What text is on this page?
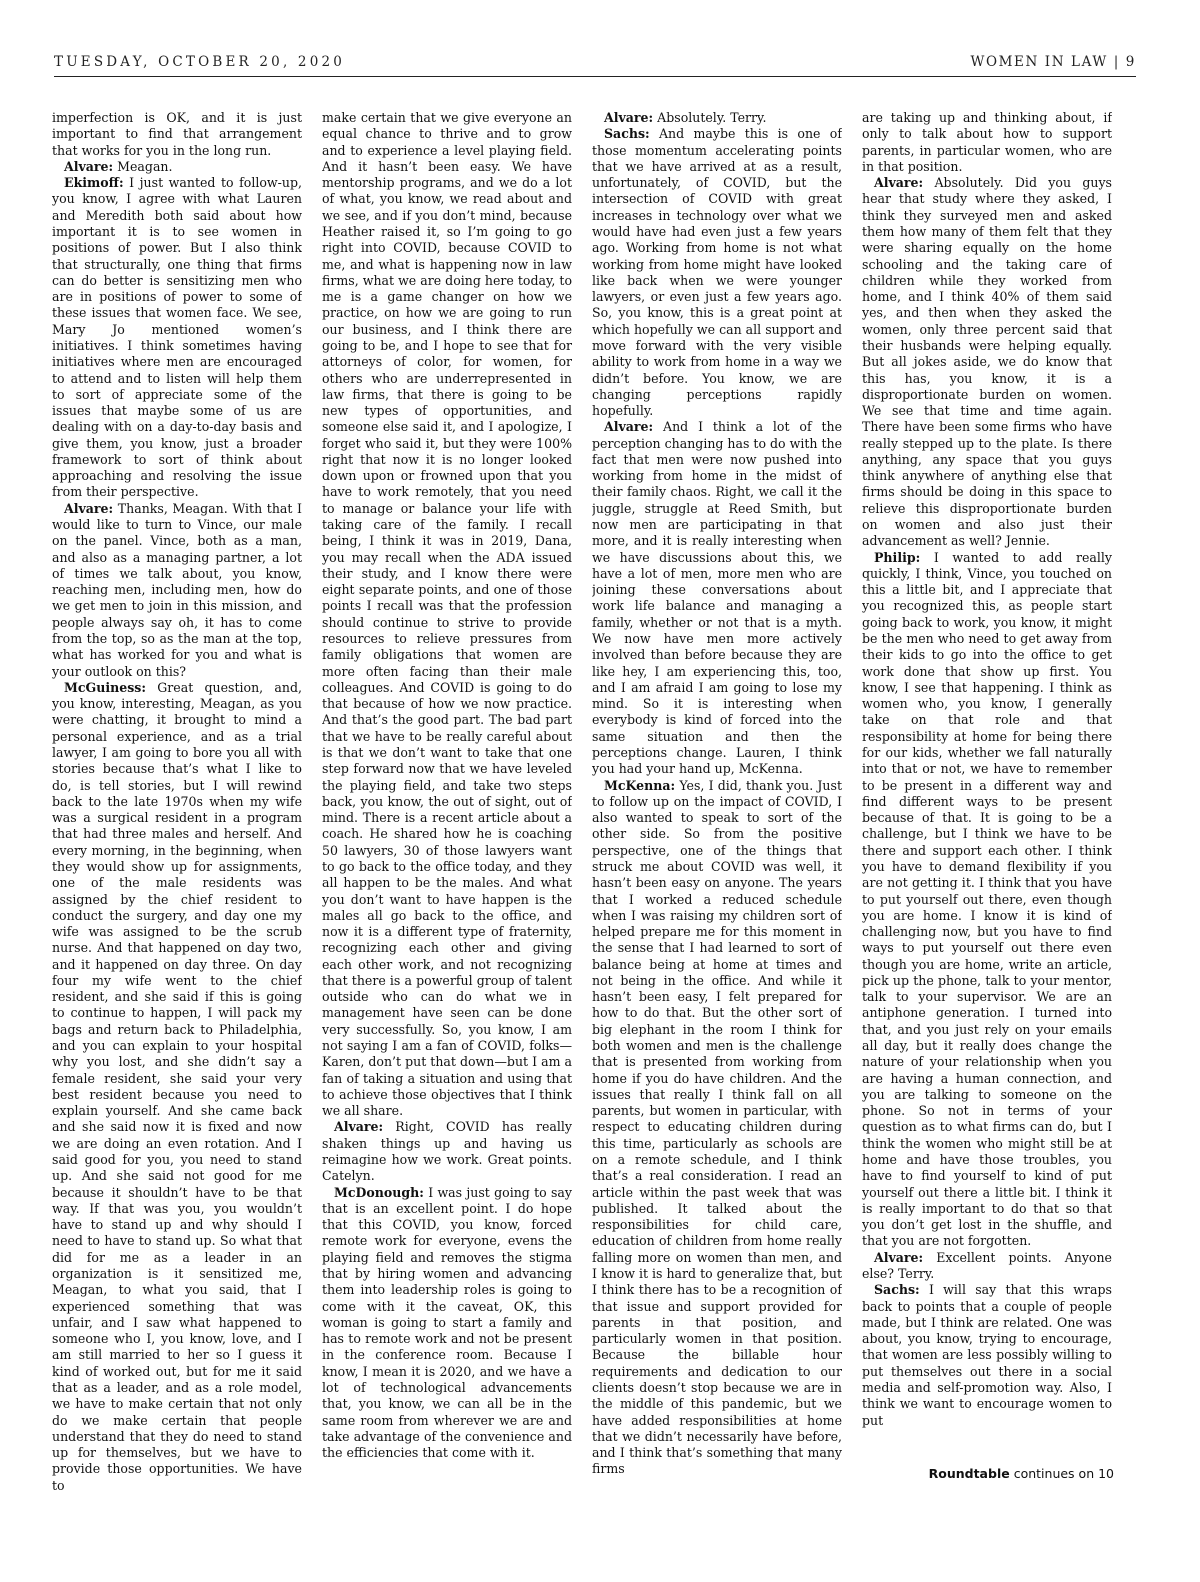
TUESDAY, OCTOBER 20, 2020	WOMEN IN LAW | 9

imperfection is OK, and it is just important to find that arrangement that works for you in the long run.

Alvare: Meagan.

Ekimoff: I just wanted to follow-up, you know, I agree with what Lauren and Meredith both said about how important it is to see women in positions of power. But I also think that structurally, one thing that firms can do better is sensitizing men who are in positions of power to some of these issues that women face. We see, Mary Jo mentioned women’s initiatives. I think sometimes having initiatives where men are encouraged to attend and to listen will help them to sort of appreciate some of the issues that maybe some of us are dealing with on a day-to-day basis and give them, you know, just a broader framework to sort of think about approaching and resolving the issue from their perspective.

Alvare: Thanks, Meagan. With that I would like to turn to Vince, our male on the panel. Vince, both as a man, and also as a managing partner, a lot of times we talk about, you know, reaching men, including men, how do we get men to join in this mission, and people always say oh, it has to come from the top, so as the man at the top, what has worked for you and what is your outlook on this?

McGuiness: Great question, and, you know, interesting, Meagan, as you were chatting, it brought to mind a personal experience, and as a trial lawyer, I am going to bore you all with stories because that’s what I like to do, is tell stories, but I will rewind back to the late 1970s when my wife was a surgical resident in a program that had three males and herself. And every morning, in the beginning, when they would show up for assignments, one of the male residents was assigned by the chief resident to conduct the surgery, and day one my wife was assigned to be the scrub nurse. And that happened on day two, and it happened on day three. On day four my wife went to the chief resident, and she said if this is going to continue to happen, I will pack my bags and return back to Philadelphia, and you can explain to your hospital why you lost, and she didn’t say a female resident, she said your very best resident because you need to explain yourself. And she came back and she said now it is fixed and now we are doing an even rotation. And I said good for you, you need to stand up. And she said not good for me because it shouldn’t have to be that way. If that was you, you wouldn’t have to stand up and why should I need to have to stand up. So what that did for me as a leader in an organization is it sensitized me, Meagan, to what you said, that I experienced something that was unfair, and I saw what happened to someone who I, you know, love, and I am still married to her so I guess it kind of worked out, but for me it said that as a leader, and as a role model, we have to make certain that not only do we make certain that people understand that they do need to stand up for themselves, but we have to provide those opportunities. We have to

make certain that we give everyone an equal chance to thrive and to grow and to experience a level playing field. And it hasn’t been easy. We have mentorship programs, and we do a lot of what, you know, we read about and we see, and if you don’t mind, because Heather raised it, so I’m going to go right into COVID, because COVID to me, and what is happening now in law firms, what we are doing here today, to me is a game changer on how we practice, on how we are going to run our business, and I think there are going to be, and I hope to see that for attorneys of color, for women, for others who are underrepresented in law firms, that there is going to be new types of opportunities, and someone else said it, and I apologize, I forget who said it, but they were 100% right that now it is no longer looked down upon or frowned upon that you have to work remotely, that you need to manage or balance your life with taking care of the family. I recall being, I think it was in 2019, Dana, you may recall when the ADA issued their study, and I know there were eight separate points, and one of those points I recall was that the profession should continue to strive to provide resources to relieve pressures from family obligations that women are more often facing than their male colleagues. And COVID is going to do that because of how we now practice. And that’s the good part. The bad part that we have to be really careful about is that we don’t want to take that one step forward now that we have leveled the playing field, and take two steps back, you know, the out of sight, out of mind. There is a recent article about a coach. He shared how he is coaching 50 lawyers, 30 of those lawyers want to go back to the office today, and they all happen to be the males. And what you don’t want to have happen is the males all go back to the office, and now it is a different type of fraternity, recognizing each other and giving each other work, and not recognizing that there is a powerful group of talent outside who can do what we in management have seen can be done very successfully. So, you know, I am not saying I am a fan of COVID, folks—Karen, don’t put that down—but I am a fan of taking a situation and using that to achieve those objectives that I think we all share.

Alvare: Right, COVID has really shaken things up and having us reimagine how we work. Great points. Catelyn.

McDonough: I was just going to say that is an excellent point. I do hope that this COVID, you know, forced remote work for everyone, evens the playing field and removes the stigma that by hiring women and advancing them into leadership roles is going to come with it the caveat, OK, this woman is going to start a family and has to remote work and not be present in the conference room. Because I know, I mean it is 2020, and we have a lot of technological advancements that, you know, we can all be in the same room from wherever we are and take advantage of the convenience and the efficiencies that come with it.

Alvare: Absolutely. Terry.

Sachs: And maybe this is one of those momentum accelerating points that we have arrived at as a result, unfortunately, of COVID, but the intersection of COVID with great increases in technology over what we would have had even just a few years ago. Working from home is not what working from home might have looked like back when we were younger lawyers, or even just a few years ago. So, you know, this is a great point at which hopefully we can all support and move forward with the very visible ability to work from home in a way we didn’t before. You know, we are changing perceptions rapidly hopefully.

Alvare: And I think a lot of the perception changing has to do with the fact that men were now pushed into working from home in the midst of their family chaos. Right, we call it the juggle, struggle at Reed Smith, but now men are participating in that more, and it is really interesting when we have discussions about this, we have a lot of men, more men who are joining these conversations about work life balance and managing a family, whether or not that is a myth. We now have men more actively involved than before because they are like hey, I am experiencing this, too, and I am afraid I am going to lose my mind. So it is interesting when everybody is kind of forced into the same situation and then the perceptions change. Lauren, I think you had your hand up, McKenna.

McKenna: Yes, I did, thank you. Just to follow up on the impact of COVID, I also wanted to speak to sort of the other side. So from the positive perspective, one of the things that struck me about COVID was well, it hasn’t been easy on anyone. The years that I worked a reduced schedule when I was raising my children sort of helped prepare me for this moment in the sense that I had learned to sort of balance being at home at times and not being in the office. And while it hasn’t been easy, I felt prepared for how to do that. But the other sort of big elephant in the room I think for both women and men is the challenge that is presented from working from home if you do have children. And the issues that really I think fall on all parents, but women in particular, with respect to educating children during this time, particularly as schools are on a remote schedule, and I think that’s a real consideration. I read an article within the past week that was published. It talked about the responsibilities for child care, education of children from home really falling more on women than men, and I know it is hard to generalize that, but I think there has to be a recognition of that issue and support provided for parents in that position, and particularly women in that position. Because the billable hour requirements and dedication to our clients doesn’t stop because we are in the middle of this pandemic, but we have added responsibilities at home that we didn’t necessarily have before, and I think that’s something that many firms

are taking up and thinking about, if only to talk about how to support parents, in particular women, who are in that position.

Alvare: Absolutely. Did you guys hear that study where they asked, I think they surveyed men and asked them how many of them felt that they were sharing equally on the home schooling and the taking care of children while they worked from home, and I think 40% of them said yes, and then when they asked the women, only three percent said that their husbands were helping equally. But all jokes aside, we do know that this has, you know, it is a disproportionate burden on women. We see that time and time again. There have been some firms who have really stepped up to the plate. Is there anything, any space that you guys think anywhere of anything else that firms should be doing in this space to relieve this disproportionate burden on women and also just their advancement as well? Jennie.

Philip: I wanted to add really quickly, I think, Vince, you touched on this a little bit, and I appreciate that you recognized this, as people start going back to work, you know, it might be the men who need to get away from their kids to go into the office to get work done that show up first. You know, I see that happening. I think as women who, you know, I generally take on that role and that responsibility at home for being there for our kids, whether we fall naturally into that or not, we have to remember to be present in a different way and find different ways to be present because of that. It is going to be a challenge, but I think we have to be there and support each other. I think you have to demand flexibility if you are not getting it. I think that you have to put yourself out there, even though you are home. I know it is kind of challenging now, but you have to find ways to put yourself out there even though you are home, write an article, pick up the phone, talk to your mentor, talk to your supervisor. We are an antiphone generation. I turned into that, and you just rely on your emails all day, but it really does change the nature of your relationship when you are having a human connection, and you are talking to someone on the phone. So not in terms of your question as to what firms can do, but I think the women who might still be at home and have those troubles, you have to find yourself to kind of put yourself out there a little bit. I think it is really important to do that so that you don’t get lost in the shuffle, and that you are not forgotten.

Alvare: Excellent points. Anyone else? Terry.

Sachs: I will say that this wraps back to points that a couple of people made, but I think are related. One was about, you know, trying to encourage, that women are less possibly willing to put themselves out there in a social media and self-promotion way. Also, I think we want to encourage women to put

Roundtable continues on 10
